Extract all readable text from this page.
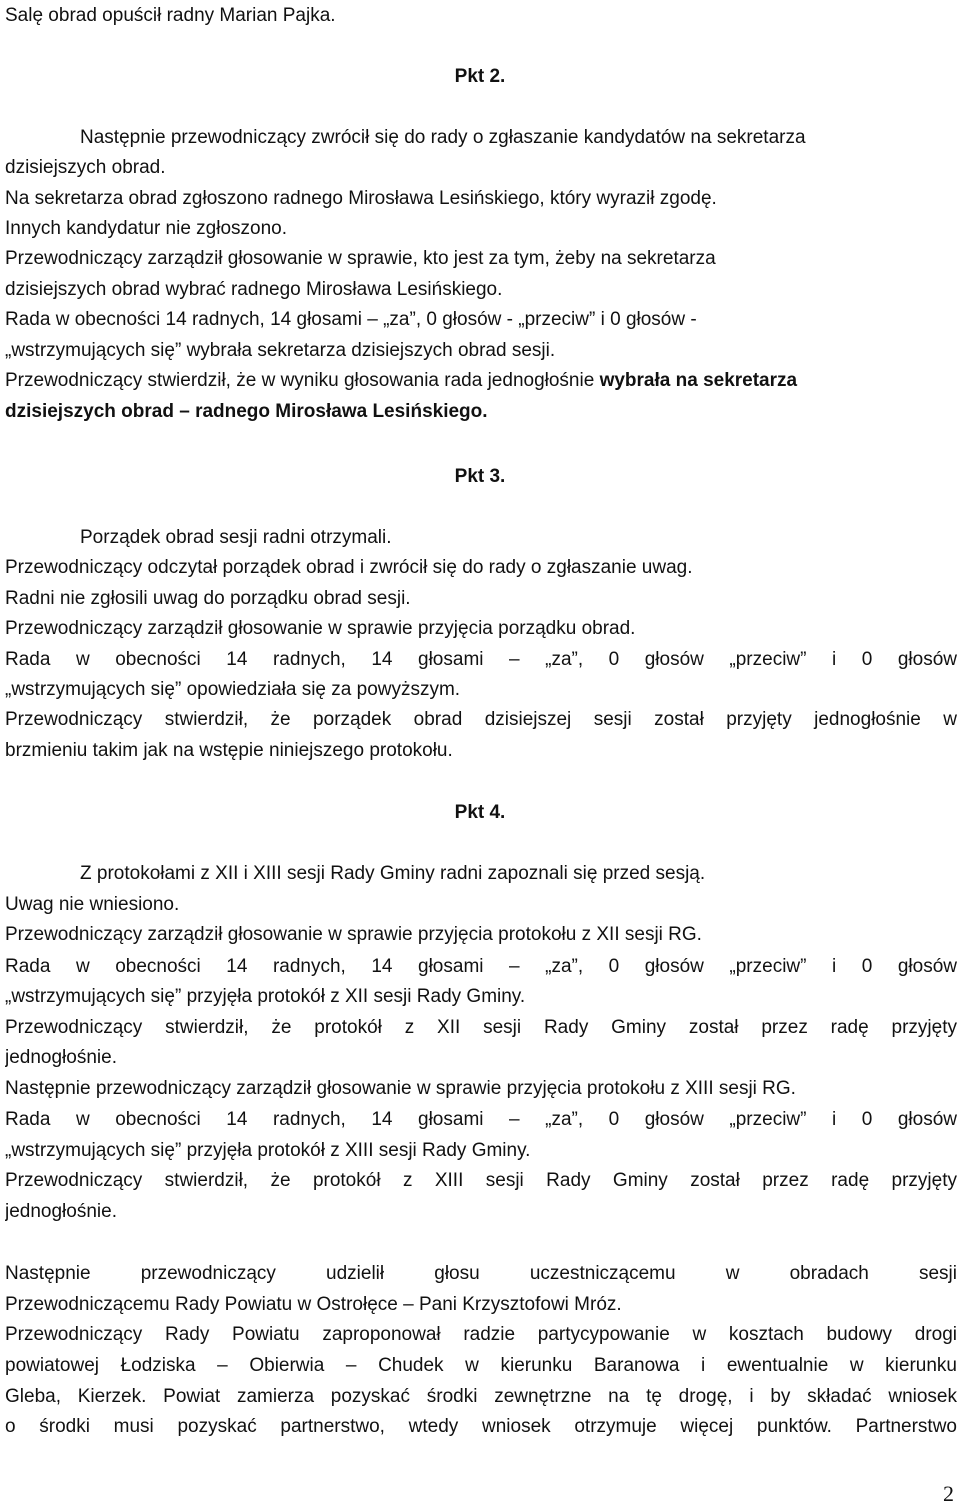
Salę obrad opuścił radny Marian Pajka.
Pkt 2.
Następnie przewodniczący zwrócił się do rady o zgłaszanie kandydatów na sekretarza
dzisiejszych obrad.
Na sekretarza obrad zgłoszono radnego Mirosława Lesińskiego, który wyraził zgodę.
Innych kandydatur nie zgłoszono.
Przewodniczący zarządził głosowanie w sprawie, kto jest za tym, żeby na sekretarza
dzisiejszych obrad wybrać radnego Mirosława Lesińskiego.
Rada w obecności 14 radnych, 14 głosami – „za”, 0 głosów - „przeciw” i 0 głosów -
„wstrzymujących się” wybrała sekretarza dzisiejszych obrad sesji.
Przewodniczący stwierdził, że w wyniku głosowania rada jednogłośnie wybrała na sekretarza
dzisiejszych obrad – radnego Mirosława Lesińskiego.
Pkt 3.
Porządek obrad sesji radni otrzymali.
Przewodniczący odczytał porządek obrad i zwrócił się do rady o zgłaszanie uwag.
Radni nie zgłosili uwag do porządku obrad sesji.
Przewodniczący zarządził głosowanie w sprawie przyjęcia porządku obrad.
Rada w obecności 14 radnych, 14 głosami – „za”, 0 głosów „przeciw” i 0 głosów
„wstrzymujących się” opowiedziała się za powyższym.
Przewodniczący stwierdził, że porządek obrad dzisiejszej sesji został przyjęty jednogłośnie w
brzmieniu takim jak na wstępie niniejszego protokołu.
Pkt 4.
Z protokołami z XII i XIII sesji Rady Gminy radni zapoznali się przed sesją.
Uwag nie wniesiono.
Przewodniczący zarządził głosowanie w sprawie przyjęcia protokołu z XII sesji RG.
Rada w obecności 14 radnych, 14 głosami – „za”, 0 głosów „przeciw” i 0 głosów
„wstrzymujących się” przyjęła protokół z XII sesji Rady Gminy.
Przewodniczący stwierdził, że protokół z XII sesji Rady Gminy został przez radę przyjęty
jednogłośnie.
Następnie przewodniczący zarządził głosowanie w sprawie przyjęcia protokołu z XIII sesji RG.
Rada w obecności 14 radnych, 14 głosami – „za”, 0 głosów „przeciw” i 0 głosów
„wstrzymujących się” przyjęła protokół z XIII sesji Rady Gminy.
Przewodniczący stwierdził, że protokół z XIII sesji Rady Gminy został przez radę przyjęty
jednogłośnie.
Następnie przewodniczący udzielił głosu uczestniczącemu w obradach sesji
Przewodniczącemu Rady Powiatu w Ostrołęce – Pani Krzysztofowi Mróz.
Przewodniczący Rady Powiatu zaproponował radzie partycypowanie w kosztach budowy drogi
powiatowej Łodziska – Obierwia – Chudek w kierunku Baranowa i ewentualnie w kierunku
Gleba, Kierzek. Powiat zamierza pozyskać środki zewnętrzne na tę drogę, i by składać wniosek
o środki musi pozyskać partnerstwo, wtedy wniosek otrzymuje więcej punktów. Partnerstwo
2
